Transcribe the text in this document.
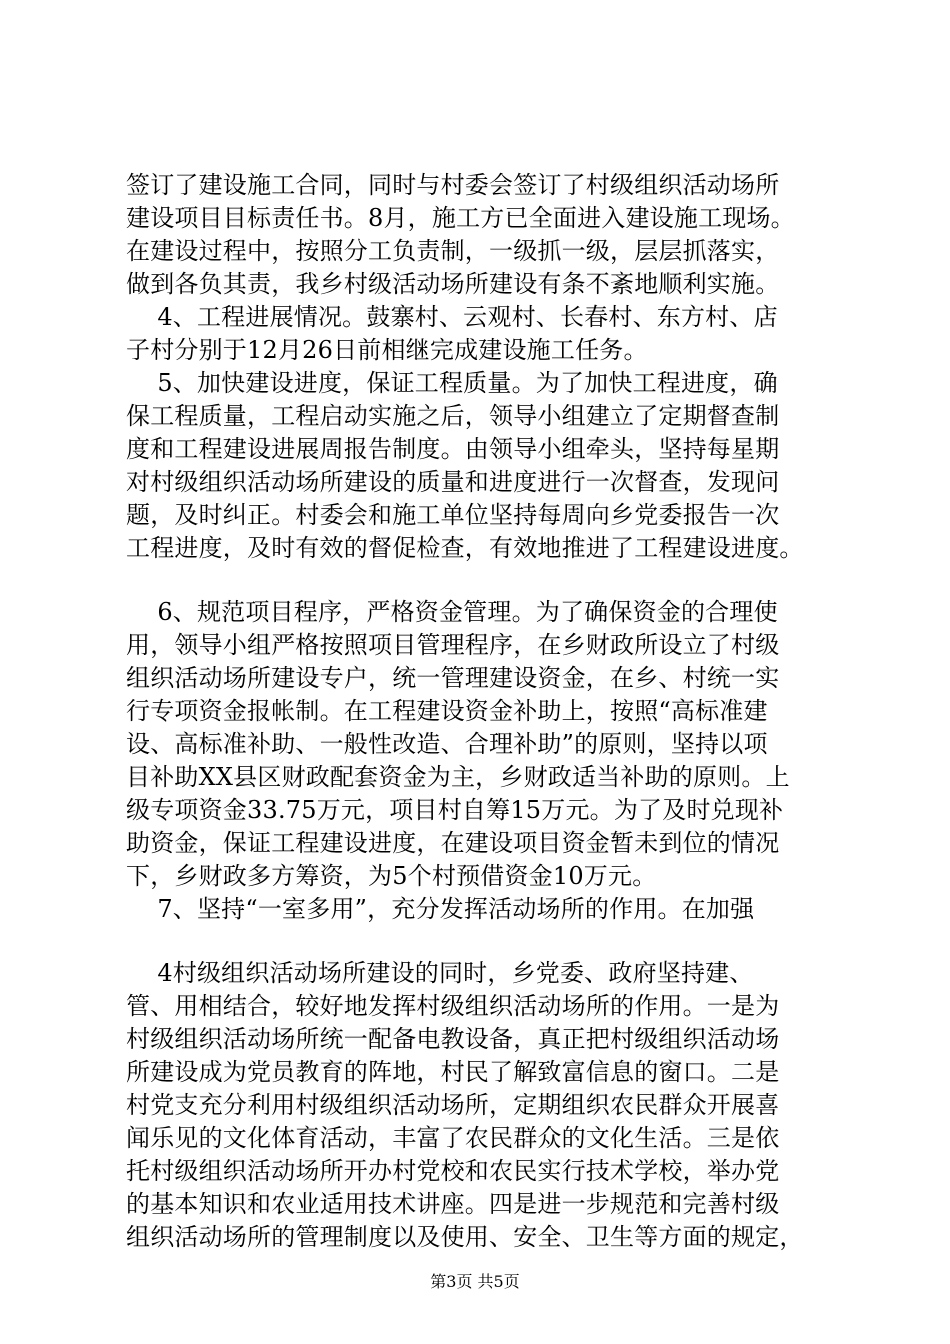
签订了建设施工合同，同时与村委会签订了村级组织活动场所
建设项目目标责任书。8月，施工方已全面进入建设施工现场。
在建设过程中，按照分工负责制，一级抓一级，层层抓落实，
做到各负其责，我乡村级活动场所建设有条不紊地顺利实施。
4、工程进展情况。鼓寨村、云观村、长春村、东方村、店
子村分别于12月26日前相继完成建设施工任务。
5、加快建设进度，保证工程质量。为了加快工程进度，确
保工程质量，工程启动实施之后，领导小组建立了定期督查制
度和工程建设进展周报告制度。由领导小组牵头，坚持每星期
对村级组织活动场所建设的质量和进度进行一次督查，发现问
题，及时纠正。村委会和施工单位坚持每周向乡党委报告一次
工程进度，及时有效的督促检查，有效地推进了工程建设进度。
6、规范项目程序，严格资金管理。为了确保资金的合理使
用，领导小组严格按照项目管理程序，在乡财政所设立了村级
组织活动场所建设专户，统一管理建设资金，在乡、村统一实
行专项资金报帐制。在工程建设资金补助上，按照“高标准建
设、高标准补助、一般性改造、合理补助”的原则，坚持以项
目补助XX县区财政配套资金为主，乡财政适当补助的原则。上
级专项资金33.75万元，项目村自筹15万元。为了及时兑现补
助资金，保证工程建设进度，在建设项目资金暂未到位的情况
下，乡财政多方筹资，为5个村预借资金10万元。
7、坚持“一室多用”，充分发挥活动场所的作用。在加强
4村级组织活动场所建设的同时，乡党委、政府坚持建、
管、用相结合，较好地发挥村级组织活动场所的作用。一是为
村级组织活动场所统一配备电教设备，真正把村级组织活动场
所建设成为党员教育的阵地，村民了解致富信息的窗口。二是
村党支充分利用村级组织活动场所，定期组织农民群众开展喜
闻乐见的文化体育活动，丰富了农民群众的文化生活。三是依
托村级组织活动场所开办村党校和农民实行技术学校，举办党
的基本知识和农业适用技术讲座。四是进一步规范和完善村级
组织活动场所的管理制度以及使用、安全、卫生等方面的规定，
第3页 共5页
